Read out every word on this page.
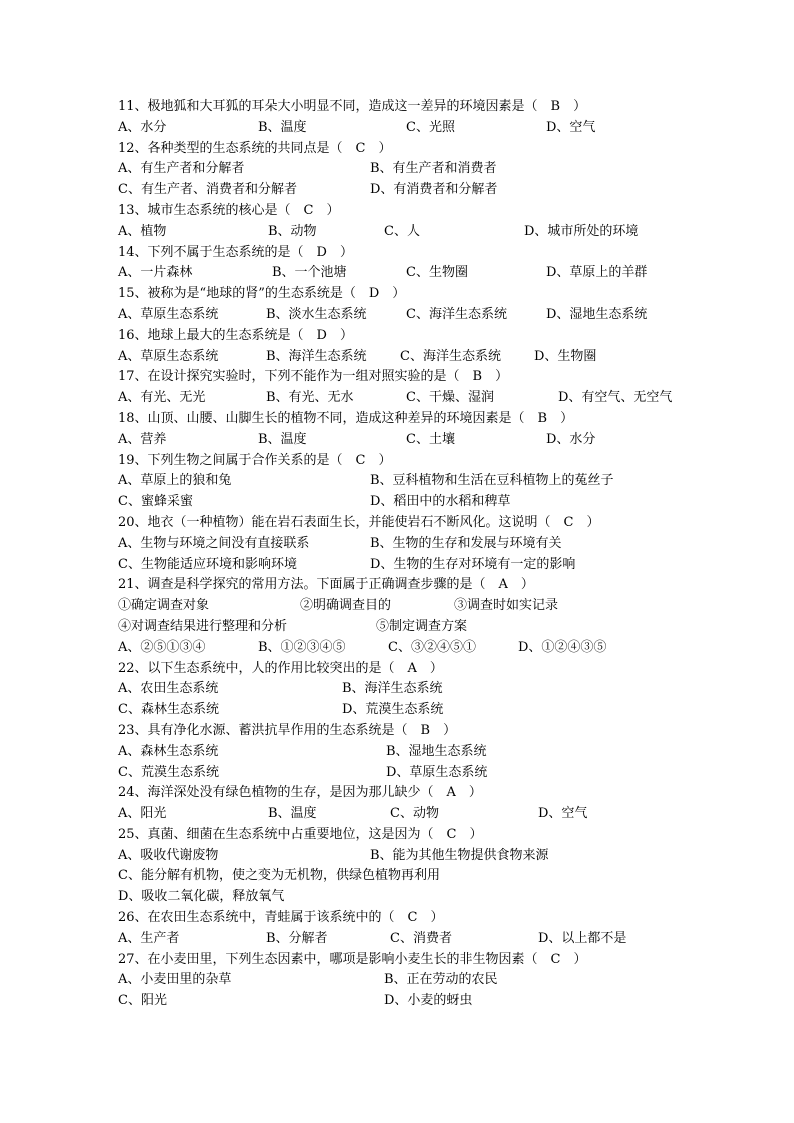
11、极地狐和大耳狐的耳朵大小明显不同，造成这一差异的环境因素是（　B　）
A、水分	B、温度	C、光照	D、空气
12、各种类型的生态系统的共同点是（　C　）
A、有生产者和分解者	B、有生产者和消费者
C、有生产者、消费者和分解者	D、有消费者和分解者
13、城市生态系统的核心是（　C　）
A、植物	B、动物	C、人	D、城市所处的环境
14、下列不属于生态系统的是（　D　）
A、一片森林	B、一个池塘	C、生物圈	D、草原上的羊群
15、被称为是“地球的肾”的生态系统是（　D　）
A、草原生态系统	B、淡水生态系统	C、海洋生态系统	D、湿地生态系统
16、地球上最大的生态系统是（　D　）
A、草原生态系统	B、海洋生态系统	C、海洋生态系统	D、生物圈
17、在设计探究实验时，下列不能作为一组对照实验的是（　B　）
A、有光、无光	B、有光、无水	C、干燥、湿润	D、有空气、无空气
18、山顶、山腰、山脚生长的植物不同，造成这种差异的环境因素是（　B　）
A、营养	B、温度	C、土壤	D、水分
19、下列生物之间属于合作关系的是（　C　）
A、草原上的狼和兔	B、豆科植物和生活在豆科植物上的菟丝子
C、蜜蜂采蜜	D、稻田中的水稻和稗草
20、地衣（一种植物）能在岩石表面生长，并能使岩石不断风化。这说明（　C　）
A、生物与环境之间没有直接联系	B、生物的生存和发展与环境有关
C、生物能适应环境和影响环境	D、生物的生存对环境有一定的影响
21、调查是科学探究的常用方法。下面属于正确调查步骤的是（　A　）
①确定调查对象	②明确调查目的	③调查时如实记录
④对调查结果进行整理和分析	⑤制定调查方案
A、②⑤①③④	B、①②③④⑤	C、③②④⑤①	D、①②④③⑤
22、以下生态系统中，人的作用比较突出的是（　A　）
A、农田生态系统	B、海洋生态系统
C、森林生态系统	D、荒漠生态系统
23、具有净化水源、蓄洪抗旱作用的生态系统是（　B　）
A、森林生态系统	B、湿地生态系统
C、荒漠生态系统	D、草原生态系统
24、海洋深处没有绿色植物的生存，是因为那儿缺少（　A　）
A、阳光	B、温度	C、动物	D、空气
25、真菌、细菌在生态系统中占重要地位，这是因为（　C　）
A、吸收代谢废物	B、能为其他生物提供食物来源
C、能分解有机物，使之变为无机物，供绿色植物再利用
D、吸收二氧化碳，释放氧气
26、在农田生态系统中，青蛙属于该系统中的（　C　）
A、生产者	B、分解者	C、消费者	D、以上都不是
27、在小麦田里，下列生态因素中，哪项是影响小麦生长的非生物因素（　C　）
A、小麦田里的杂草	B、正在劳动的农民
C、阳光	D、小麦的蚜虫
